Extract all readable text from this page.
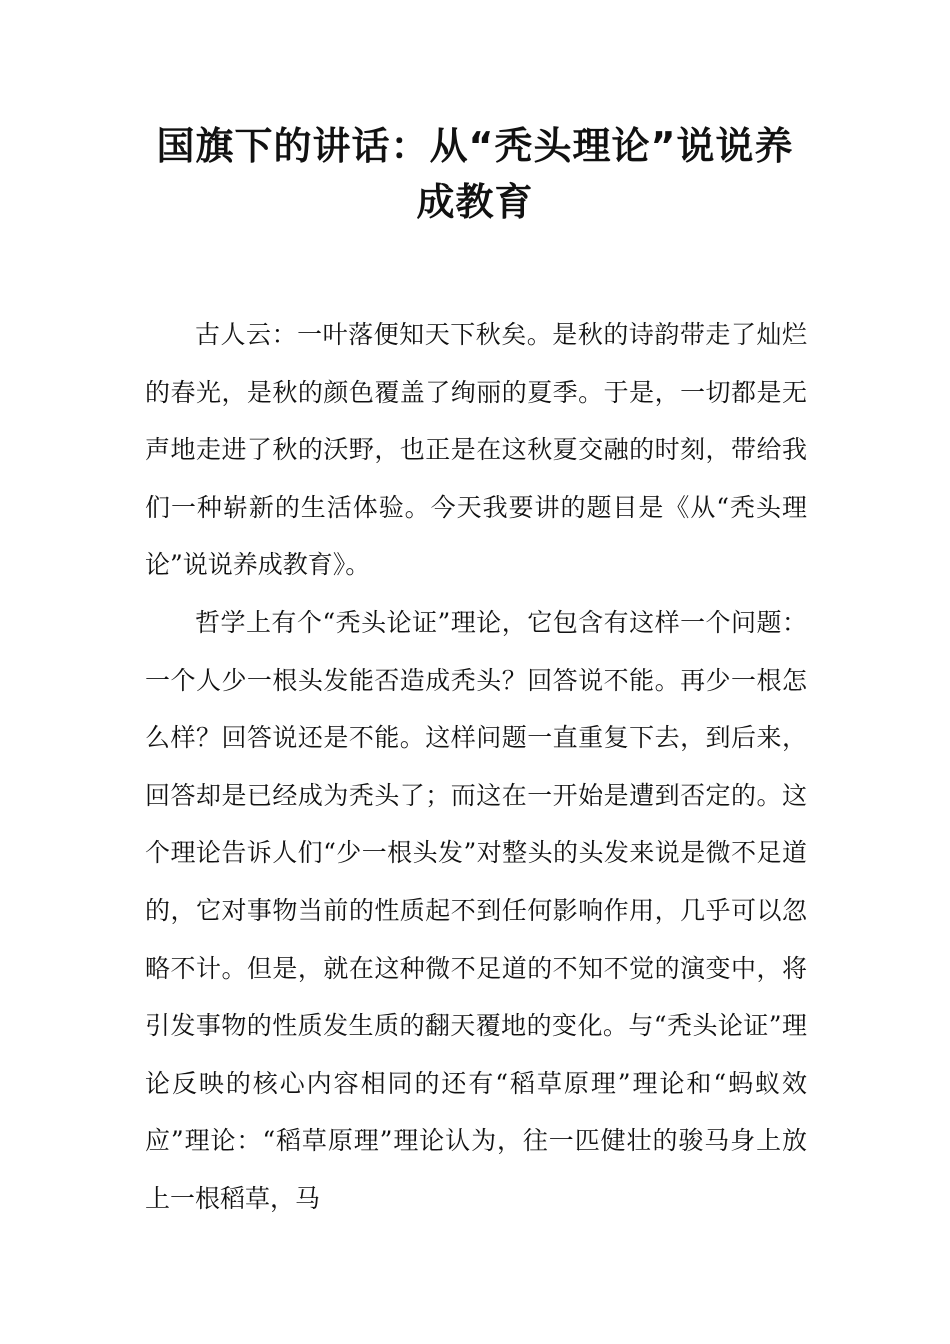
国旗下的讲话：从“秃头理论”说说养成教育

古人云：一叶落便知天下秋矣。是秋的诗韵带走了灿烂的春光，是秋的颜色覆盖了绚丽的夏季。于是，一切都是无声地走进了秋的沃野，也正是在这秋夏交融的时刻，带给我们一种崭新的生活体验。今天我要讲的题目是《从“秃头理论”说说养成教育》。

哲学上有个“秃头论证”理论，它包含有这样一个问题：一个人少一根头发能否造成秃头？回答说不能。再少一根怎么样？回答说还是不能。这样问题一直重复下去，到后来，回答却是已经成为秃头了；而这在一开始是遭到否定的。这个理论告诉人们“少一根头发”对整头的头发来说是微不足道的，它对事物当前的性质起不到任何影响作用，几乎可以忽略不计。但是，就在这种微不足道的不知不觉的演变中，将引发事物的性质发生质的翻天覆地的变化。与“秃头论证”理论反映的核心内容相同的还有“稻草原理”理论和“蚂蚁效应”理论：“稻草原理”理论认为，往一匹健壮的骏马身上放上一根稻草，马
